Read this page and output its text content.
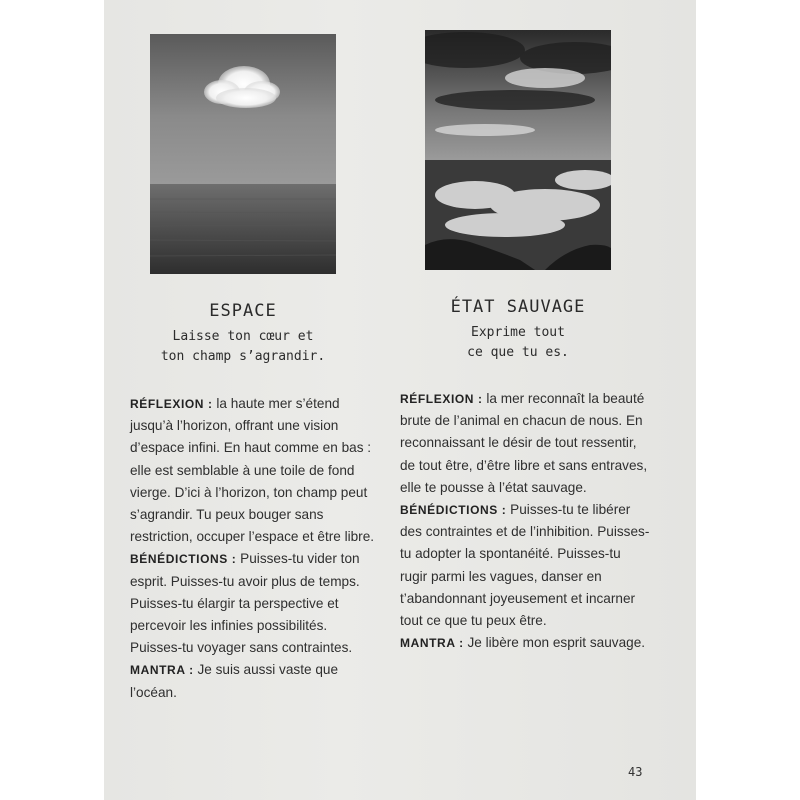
ESPACE
Laisse ton cœur et
ton champ s’agrandir.

RÉFLEXION : la haute mer s’étend jusqu’à l’horizon, offrant une vision d’espace infini. En haut comme en bas : elle est semblable à une toile de fond vierge. D’ici à l’horizon, ton champ peut s’agrandir. Tu peux bouger sans restriction, occuper l’espace et être libre.

BÉNÉDICTIONS : Puisses-tu vider ton esprit. Puisses-tu avoir plus de temps. Puisses-tu élargir ta perspective et percevoir les infinies possibilités. Puisses-tu voyager sans contraintes.

MANTRA : Je suis aussi vaste que l’océan.

ÉTAT SAUVAGE
Exprime tout
ce que tu es.

RÉFLEXION : la mer reconnaît la beauté brute de l’animal en chacun de nous. En reconnaissant le désir de tout ressentir, de tout être, d’être libre et sans entraves, elle te pousse à l’état sauvage.

BÉNÉDICTIONS : Puisses-tu te libérer des contraintes et de l’inhibition. Puisses-tu adopter la spontanéité. Puisses-tu rugir parmi les vagues, danser en t’abandonnant joyeusement et incarner tout ce que tu peux être.

MANTRA : Je libère mon esprit sauvage.

43
